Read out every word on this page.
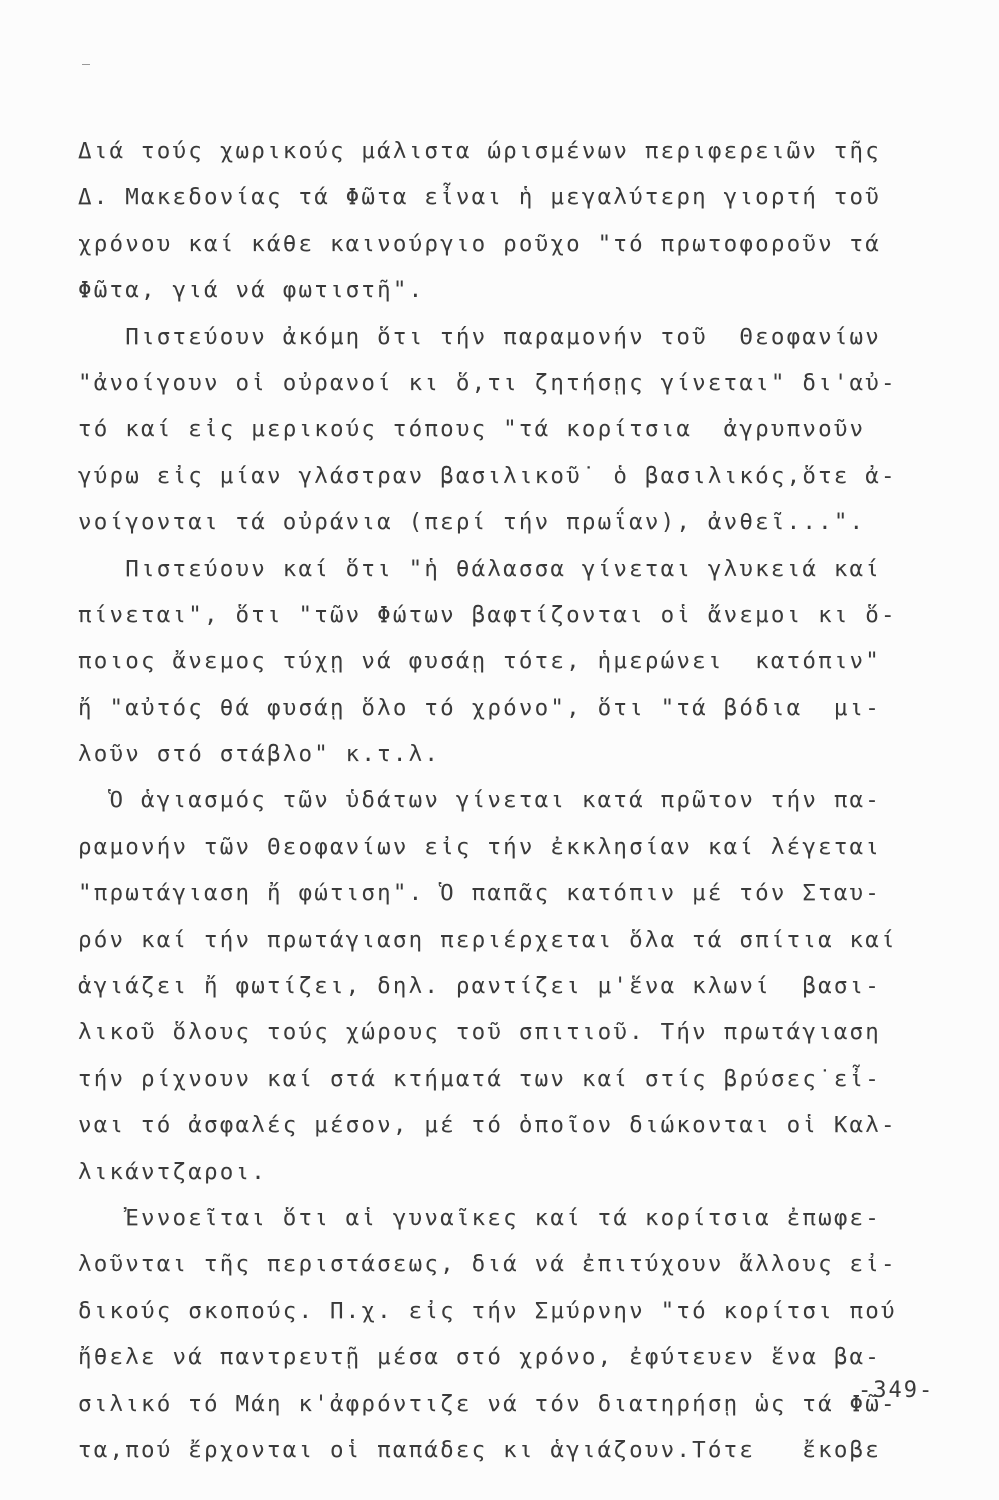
Διά τούς χωρικούς μάλιστα ώρισμένων περιφερειῶν τῆς
Δ. Μακεδονίας τά Φῶτα εἶναι ἡ μεγαλύτερη γιορτή τοῦ
χρόνου καί κάθε καινούργιο ροῦχο "τό πρωτοφοροῦν τά
Φῶτα, γιά νά φωτιστῆ".
Πιστεύουν ἀκόμη ὅτι τήν παραμονήν τοῦ  Θεοφανίων
"ἀνοίγουν οἱ οὐρανοί κι ὅ,τι ζητήσῃς γίνεται" δι'αὐ-
τό καί εἰς μερικούς τόπους "τά κορίτσια  ἀγρυπνοῦν
γύρω εἰς μίαν γλάστραν βασιλικοῦ˙ ὁ βασιλικός,ὅτε ἀ-
νοίγονται τά οὐράνια (περί τήν πρωΐαν), ἀνθεῖ...".
Πιστεύουν καί ὅτι "ἡ θάλασσα γίνεται γλυκειά καί
πίνεται", ὅτι "τῶν Φώτων βαφτίζονται οἱ ἄνεμοι κι ὅ-
ποιος ἄνεμος τύχῃ νά φυσάῃ τότε, ἡμερώνει  κατόπιν"
ἤ "αὐτός θά φυσάῃ ὅλο τό χρόνο", ὅτι "τά βόδια  μι-
λοῦν στό στάβλο" κ.τ.λ.
Ὁ ἁγιασμός τῶν ὑδάτων γίνεται κατά πρῶτον τήν πα-
ραμονήν τῶν Θεοφανίων εἰς τήν ἐκκλησίαν καί λέγεται
"πρωτάγιαση ἤ φώτιση". Ὁ παπᾶς κατόπιν μέ τόν Σταυ-
ρόν καί τήν πρωτάγιαση περιέρχεται ὅλα τά σπίτια καί
ἁγιάζει ἤ φωτίζει, δηλ. ραντίζει μ'ἕνα κλωνί  βασι-
λικοῦ ὅλους τούς χώρους τοῦ σπιτιοῦ. Τήν πρωτάγιαση
τήν ρίχνουν καί στά κτήματά των καί στίς βρύσες˙εἶ-
ναι τό ἀσφαλές μέσον, μέ τό ὁποῖον διώκονται οἱ Καλ-
λικάντζαροι.
Ἐννοεῖται ὅτι αἱ γυναῖκες καί τά κορίτσια ἐπωφε-
λοῦνται τῆς περιστάσεως, διά νά ἐπιτύχουν ἄλλους εἰ-
δικούς σκοπούς. Π.χ. εἰς τήν Σμύρνην "τό κορίτσι πού
ἤθελε νά παντρευτῇ μέσα στό χρόνο, ἐφύτευεν ἕνα βα-
σιλικό τό Μάη κ'ἀφρόντιζε νά τόν διατηρήσῃ ὡς τά Φῶ-
τα,πού ἔρχονται οἱ παπάδες κι ἁγιάζουν.Τότε   ἔκοβε
-349-
